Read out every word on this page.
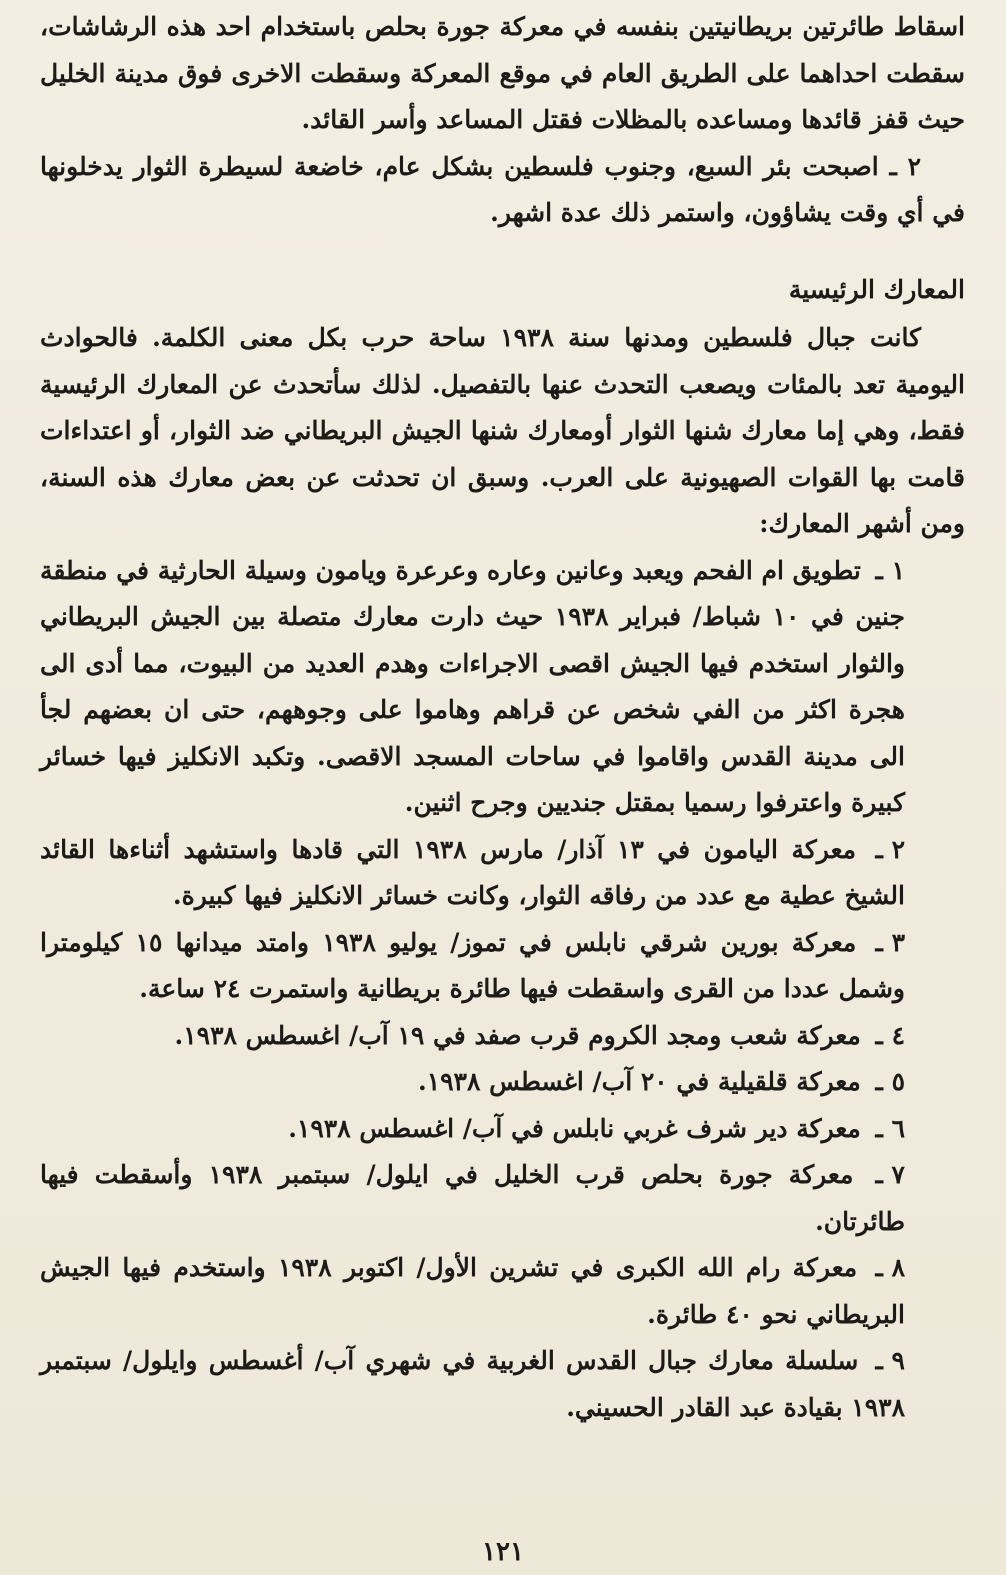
اسقاط طائرتين بريطانيتين بنفسه في معركة جورة بحلص باستخدام احد هذه الرشاشات، سقطت احداهما على الطريق العام في موقع المعركة وسقطت الاخرى فوق مدينة الخليل حيث قفز قائدها ومساعده بالمظلات فقتل المساعد وأسر القائد.

٢ ـ اصبحت بئر السبع، وجنوب فلسطين بشكل عام، خاضعة لسيطرة الثوار يدخلونها في أي وقت يشاؤون، واستمر ذلك عدة اشهر.

المعارك الرئيسية

كانت جبال فلسطين ومدنها سنة ١٩٣٨ ساحة حرب بكل معنى الكلمة. فالحوادث اليومية تعد بالمئات ويصعب التحدث عنها بالتفصيل. لذلك سأتحدث عن المعارك الرئيسية فقط، وهي إما معارك شنها الثوار أومعارك شنها الجيش البريطاني ضد الثوار، أو اعتداءات قامت بها القوات الصهيونية على العرب. وسبق ان تحدثت عن بعض معارك هذه السنة، ومن أشهر المعارك:

١ ـ تطويق ام الفحم ويعبد وعانين وعاره وعرعرة ويامون وسيلة الحارثية في منطقة جنين في ١٠ شباط/ فبراير ١٩٣٨ حيث دارت معارك متصلة بين الجيش البريطاني والثوار استخدم فيها الجيش اقصى الاجراءات وهدم العديد من البيوت، مما أدى الى هجرة اكثر من الفي شخص عن قراهم وهاموا على وجوههم، حتى ان بعضهم لجأ الى مدينة القدس واقاموا في ساحات المسجد الاقصى. وتكبد الانكليز فيها خسائر كبيرة واعترفوا رسميا بمقتل جنديين وجرح اثنين.

٢ ـ معركة اليامون في ١٣ آذار/ مارس ١٩٣٨ التي قادها واستشهد أثناءها القائد الشيخ عطية مع عدد من رفاقه الثوار، وكانت خسائر الانكليز فيها كبيرة.

٣ ـ معركة بورين شرقي نابلس في تموز/ يوليو ١٩٣٨ وامتد ميدانها ١٥ كيلومترا وشمل عددا من القرى واسقطت فيها طائرة بريطانية واستمرت ٢٤ ساعة.

٤ ـ معركة شعب ومجد الكروم قرب صفد في ١٩ آب/ اغسطس ١٩٣٨.

٥ ـ معركة قلقيلية في ٢٠ آب/ اغسطس ١٩٣٨.

٦ ـ معركة دير شرف غربي نابلس في آب/ اغسطس ١٩٣٨.

٧ ـ معركة جورة بحلص قرب الخليل في ايلول/ سبتمبر ١٩٣٨ وأسقطت فيها طائرتان.

٨ ـ معركة رام الله الكبرى في تشرين الأول/ اكتوبر ١٩٣٨ واستخدم فيها الجيش البريطاني نحو ٤٠ طائرة.

٩ ـ سلسلة معارك جبال القدس الغربية في شهري آب/ أغسطس وايلول/ سبتمبر ١٩٣٨ بقيادة عبد القادر الحسيني.

١٢١
